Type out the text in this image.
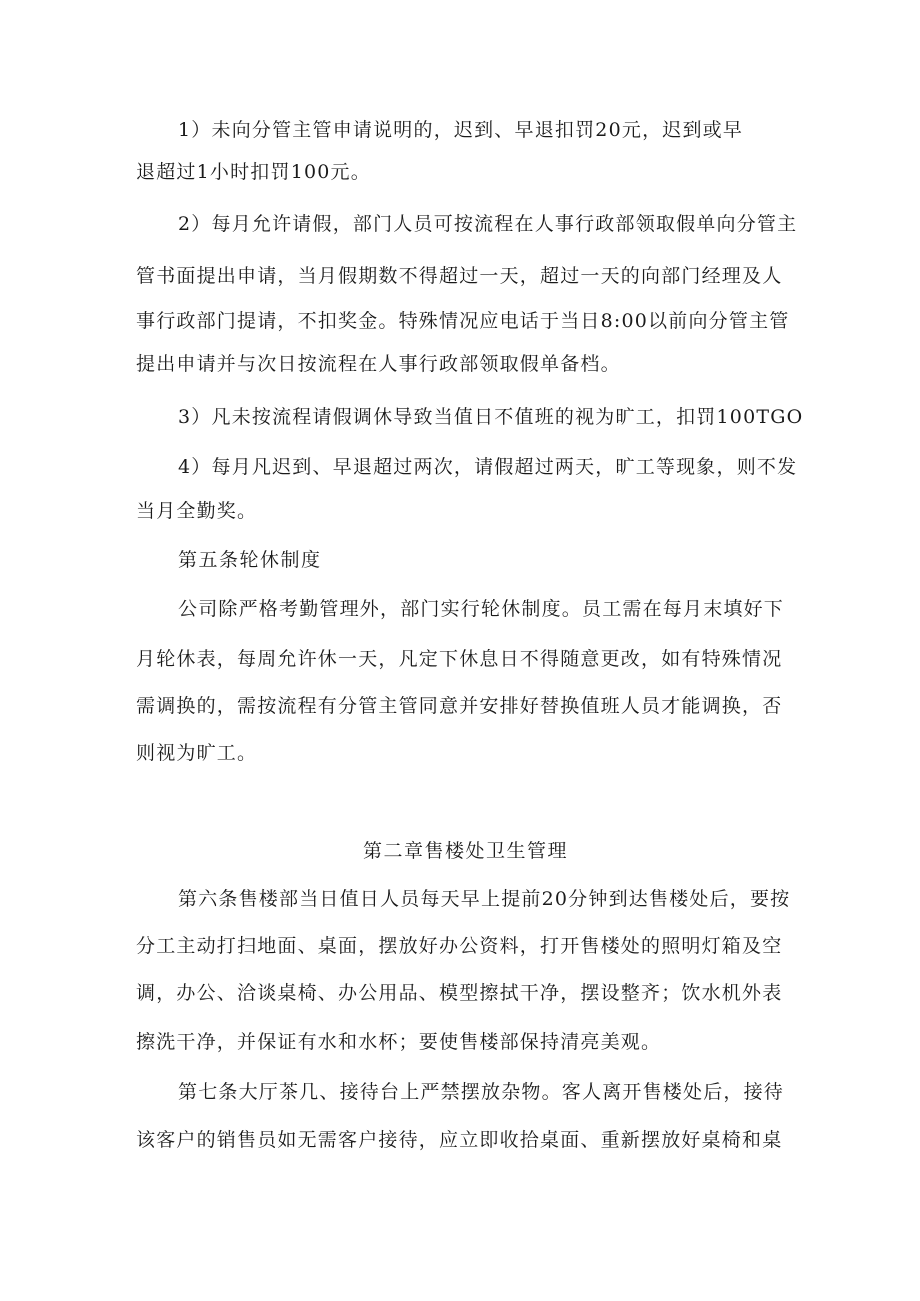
1）未向分管主管申请说明的，迟到、早退扣罚20元，迟到或早
退超过1小时扣罚100元。
2）每月允许请假，部门人员可按流程在人事行政部领取假单向分管主
管书面提出申请，当月假期数不得超过一天，超过一天的向部门经理及人
事行政部门提请，不扣奖金。特殊情况应电话于当日8:00以前向分管主管
提出申请并与次日按流程在人事行政部领取假单备档。
3）凡未按流程请假调休导致当值日不值班的视为旷工，扣罚100TGO
4）每月凡迟到、早退超过两次，请假超过两天，旷工等现象，则不发
当月全勤奖。
第五条轮休制度
公司除严格考勤管理外，部门实行轮休制度。员工需在每月末填好下
月轮休表，每周允许休一天，凡定下休息日不得随意更改，如有特殊情况
需调换的，需按流程有分管主管同意并安排好替换值班人员才能调换，否
则视为旷工。
第二章售楼处卫生管理
第六条售楼部当日值日人员每天早上提前20分钟到达售楼处后，要按
分工主动打扫地面、桌面，摆放好办公资料，打开售楼处的照明灯箱及空
调，办公、洽谈桌椅、办公用品、模型擦拭干净，摆设整齐；饮水机外表
擦洗干净，并保证有水和水杯；要使售楼部保持清亮美观。
第七条大厅茶几、接待台上严禁摆放杂物。客人离开售楼处后，接待
该客户的销售员如无需客户接待，应立即收拾桌面、重新摆放好桌椅和桌
